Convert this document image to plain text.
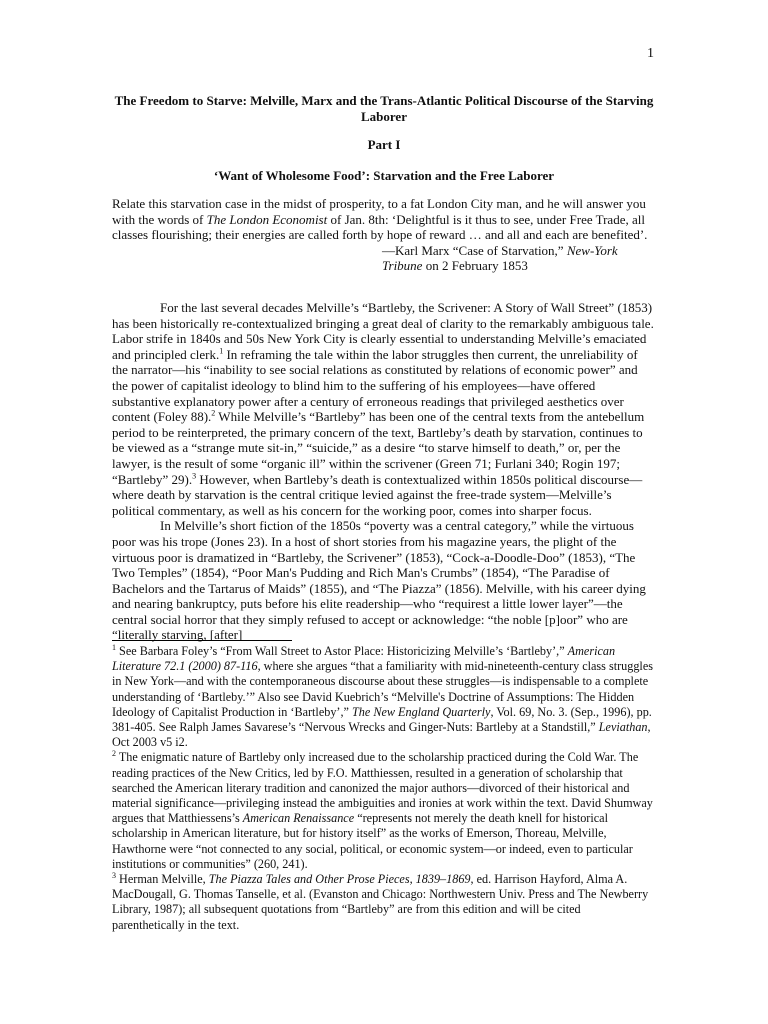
1
The Freedom to Starve: Melville, Marx and the Trans-Atlantic Political Discourse of the Starving Laborer
Part I
‘Want of Wholesome Food’: Starvation and the Free Laborer
Relate this starvation case in the midst of prosperity, to a fat London City man, and he will answer you with the words of The London Economist of Jan. 8th: ‘Delightful is it thus to see, under Free Trade, all classes flourishing; their energies are called forth by hope of reward … and all and each are benefited’.
—Karl Marx “Case of Starvation,” New-York Tribune on 2 February 1853

For the last several decades Melville’s “Bartleby, the Scrivener: A Story of Wall Street” (1853) has been historically re-contextualized bringing a great deal of clarity to the remarkably ambiguous tale. Labor strife in 1840s and 50s New York City is clearly essential to understanding Melville’s emaciated and principled clerk.$^1$ In reframing the tale within the labor struggles then current, the unreliability of the narrator—his “inability to see social relations as constituted by relations of economic power” and the power of capitalist ideology to blind him to the suffering of his employees—have offered substantive explanatory power after a century of erroneous readings that privileged aesthetics over content (Foley 88).$^2$ While Melville’s “Bartleby” has been one of the central texts from the antebellum period to be reinterpreted, the primary concern of the text, Bartleby’s death by starvation, continues to be viewed as a “strange mute sit-in,” “suicide,” as a desire “to starve himself to death,” or, per the lawyer, is the result of some “organic ill” within the scrivener (Green 71; Furlani 340; Rogin 197; “Bartleby” 29).$^3$ However, when Bartleby’s death is contextualized within 1850s political discourse—where death by starvation is the central critique levied against the free-trade system—Melville’s political commentary, as well as his concern for the working poor, comes into sharper focus.

In Melville’s short fiction of the 1850s “poverty was a central category,” while the virtuous poor was his trope (Jones 23). In a host of short stories from his magazine years, the plight of the virtuous poor is dramatized in “Bartleby, the Scrivener” (1853), “Cock-a-Doodle-Doo” (1853), “The Two Temples” (1854), “Poor Man's Pudding and Rich Man's Crumbs” (1854), “The Paradise of Bachelors and the Tartarus of Maids” (1855), and “The Piazza” (1856). Melville, with his career dying and nearing bankruptcy, puts before his elite readership—who “requirest a little lower layer”—the central social horror that they simply refused to accept or acknowledge: “the noble [p]oor” who are “literally starving, [after]

$^1$ See Barbara Foley’s “From Wall Street to Astor Place: Historicizing Melville’s ‘Bartleby’,” American Literature 72.1 (2000) 87-116, where she argues “that a familiarity with mid-nineteenth-century class struggles in New York—and with the contemporaneous discourse about these struggles—is indispensable to a complete understanding of ‘Bartleby.’” Also see David Kuebrich’s “Melville's Doctrine of Assumptions: The Hidden Ideology of Capitalist Production in ‘Bartleby’,” The New England Quarterly, Vol. 69, No. 3. (Sep., 1996), pp. 381-405. See Ralph James Savarese’s “Nervous Wrecks and Ginger-Nuts: Bartleby at a Standstill,” Leviathan, Oct 2003 v5 i2.

$^2$ The enigmatic nature of Bartleby only increased due to the scholarship practiced during the Cold War. The reading practices of the New Critics, led by F.O. Matthiessen, resulted in a generation of scholarship that searched the American literary tradition and canonized the major authors—divorced of their historical and material significance—privileging instead the ambiguities and ironies at work within the text. David Shumway argues that Matthiessens’s American Renaissance “represents not merely the death knell for historical scholarship in American literature, but for history itself” as the works of Emerson, Thoreau, Melville, Hawthorne were “not connected to any social, political, or economic system—or indeed, even to particular institutions or communities” (260, 241).

$^3$ Herman Melville, The Piazza Tales and Other Prose Pieces, 1839–1869, ed. Harrison Hayford, Alma A. MacDougall, G. Thomas Tanselle, et al. (Evanston and Chicago: Northwestern Univ. Press and The Newberry Library, 1987); all subsequent quotations from “Bartleby” are from this edition and will be cited parenthetically in the text.
